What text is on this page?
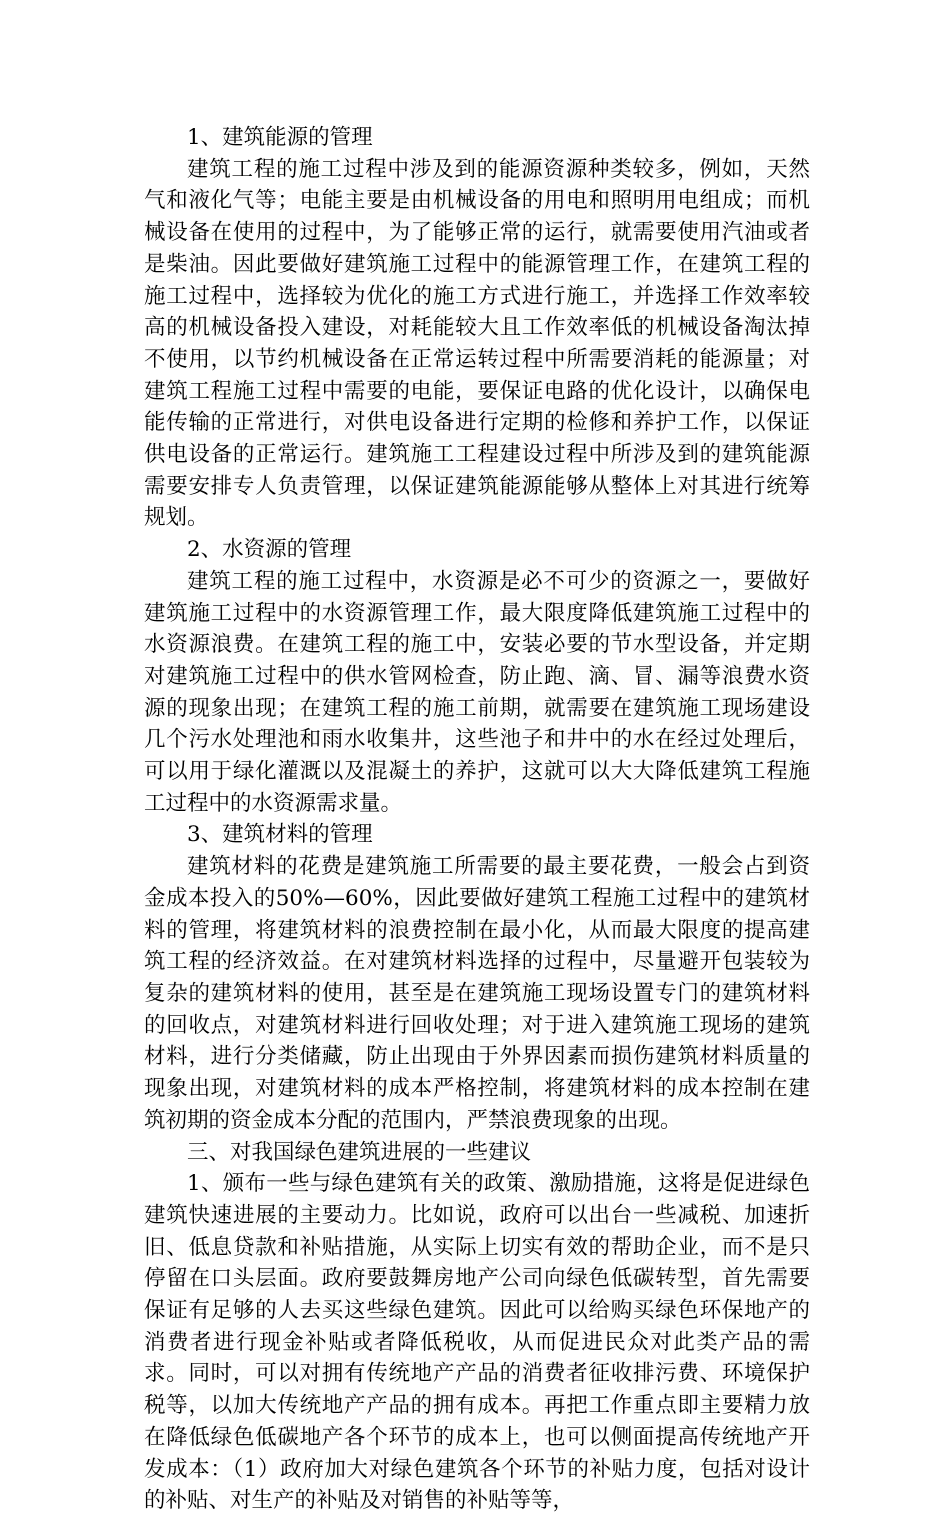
1、建筑能源的管理

建筑工程的施工过程中涉及到的能源资源种类较多，例如，天然气和液化气等；电能主要是由机械设备的用电和照明用电组成；而机械设备在使用的过程中，为了能够正常的运行，就需要使用汽油或者是柴油。因此要做好建筑施工过程中的能源管理工作，在建筑工程的施工过程中，选择较为优化的施工方式进行施工，并选择工作效率较高的机械设备投入建设，对耗能较大且工作效率低的机械设备淘汰掉不使用，以节约机械设备在正常运转过程中所需要消耗的能源量；对建筑工程施工过程中需要的电能，要保证电路的优化设计，以确保电能传输的正常进行，对供电设备进行定期的检修和养护工作，以保证供电设备的正常运行。建筑施工工程建设过程中所涉及到的建筑能源需要安排专人负责管理，以保证建筑能源能够从整体上对其进行统筹规划。

2、水资源的管理

建筑工程的施工过程中，水资源是必不可少的资源之一，要做好建筑施工过程中的水资源管理工作，最大限度降低建筑施工过程中的水资源浪费。在建筑工程的施工中，安装必要的节水型设备，并定期对建筑施工过程中的供水管网检查，防止跑、滴、冒、漏等浪费水资源的现象出现；在建筑工程的施工前期，就需要在建筑施工现场建设几个污水处理池和雨水收集井，这些池子和井中的水在经过处理后，可以用于绿化灌溉以及混凝土的养护，这就可以大大降低建筑工程施工过程中的水资源需求量。

3、建筑材料的管理

建筑材料的花费是建筑施工所需要的最主要花费，一般会占到资金成本投入的50%—60%，因此要做好建筑工程施工过程中的建筑材料的管理，将建筑材料的浪费控制在最小化，从而最大限度的提高建筑工程的经济效益。在对建筑材料选择的过程中，尽量避开包装较为复杂的建筑材料的使用，甚至是在建筑施工现场设置专门的建筑材料的回收点，对建筑材料进行回收处理；对于进入建筑施工现场的建筑材料，进行分类储藏，防止出现由于外界因素而损伤建筑材料质量的现象出现，对建筑材料的成本严格控制，将建筑材料的成本控制在建筑初期的资金成本分配的范围内，严禁浪费现象的出现。

三、对我国绿色建筑进展的一些建议

1、颁布一些与绿色建筑有关的政策、激励措施，这将是促进绿色建筑快速进展的主要动力。比如说，政府可以出台一些减税、加速折旧、低息贷款和补贴措施，从实际上切实有效的帮助企业，而不是只停留在口头层面。政府要鼓舞房地产公司向绿色低碳转型，首先需要保证有足够的人去买这些绿色建筑。因此可以给购买绿色环保地产的消费者进行现金补贴或者降低税收，从而促进民众对此类产品的需求。同时，可以对拥有传统地产产品的消费者征收排污费、环境保护税等，以加大传统地产产品的拥有成本。再把工作重点即主要精力放在降低绿色低碳地产各个环节的成本上，也可以侧面提高传统地产开发成本：（1）政府加大对绿色建筑各个环节的补贴力度，包括对设计的补贴、对生产的补贴及对销售的补贴等等，
